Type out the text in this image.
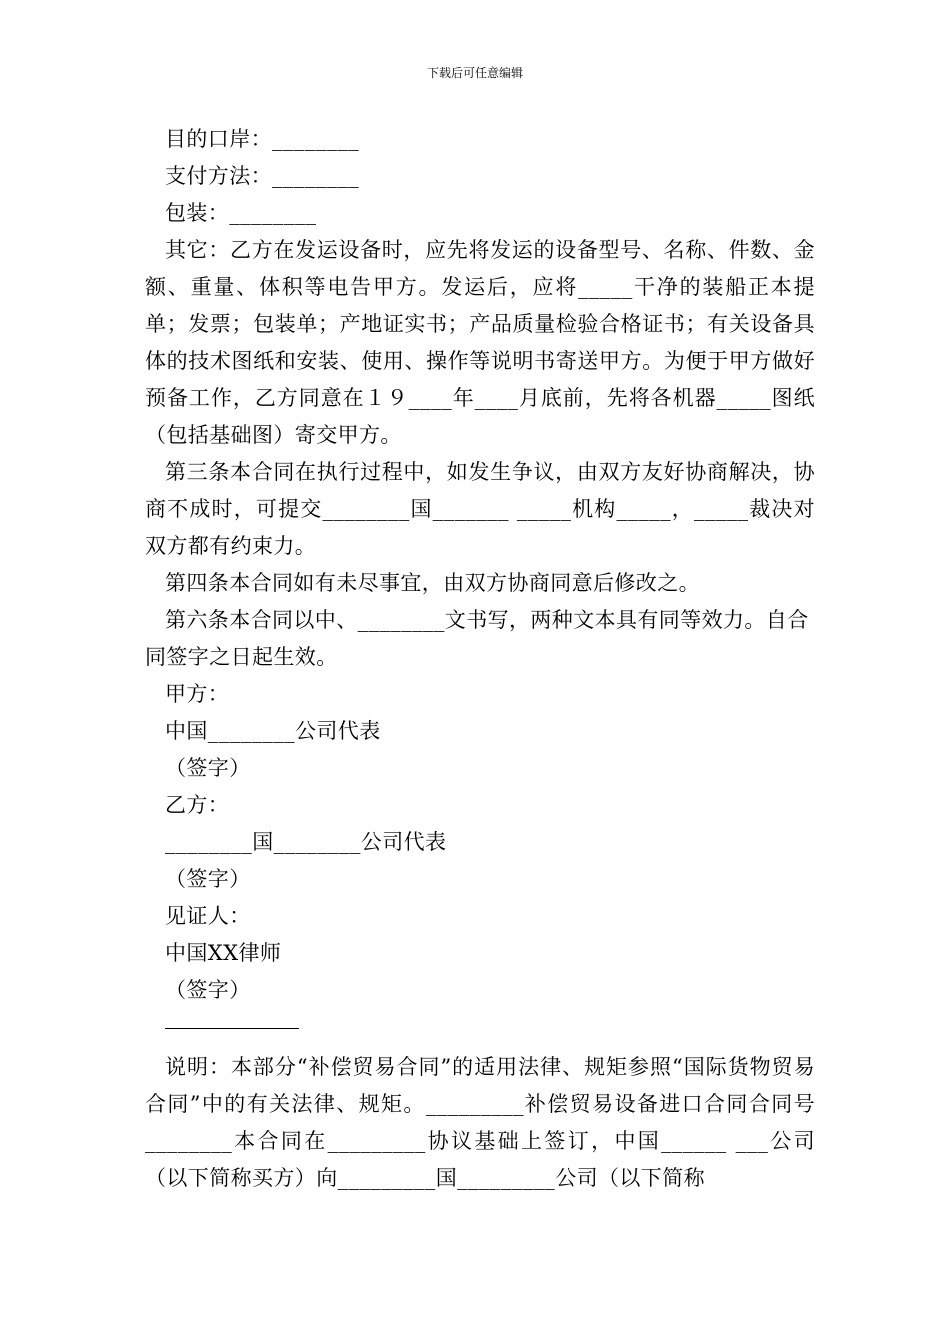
下载后可任意编辑

目的口岸：________

支付方法：________

包装：________

其它：乙方在发运设备时，应先将发运的设备型号、名称、件数、金额、重量、体积等电告甲方。发运后，应将_____干净的装船正本提单；发票；包装单；产地证实书；产品质量检验合格证书；有关设备具体的技术图纸和安装、使用、操作等说明书寄送甲方。为便于甲方做好预备工作，乙方同意在１９____年____月底前，先将各机器_____图纸（包括基础图）寄交甲方。

第三条本合同在执行过程中，如发生争议，由双方友好协商解决，协商不成时，可提交________国_______ _____机构_____，_____裁决对双方都有约束力。

第四条本合同如有未尽事宜，由双方协商同意后修改之。

第六条本合同以中、________文书写，两种文本具有同等效力。自合同签字之日起生效。

甲方：

中国________公司代表

（签字）

乙方：

________国________公司代表

（签字）

见证人：

中国XX律师

（签字）

说明：本部分“补偿贸易合同”的适用法律、规矩参照“国际货物贸易合同”中的有关法律、规矩。_________补偿贸易设备进口合同合同号________本合同在_________协议基础上签订，中国______ ___公司（以下简称买方）向_________国_________公司（以下简称
